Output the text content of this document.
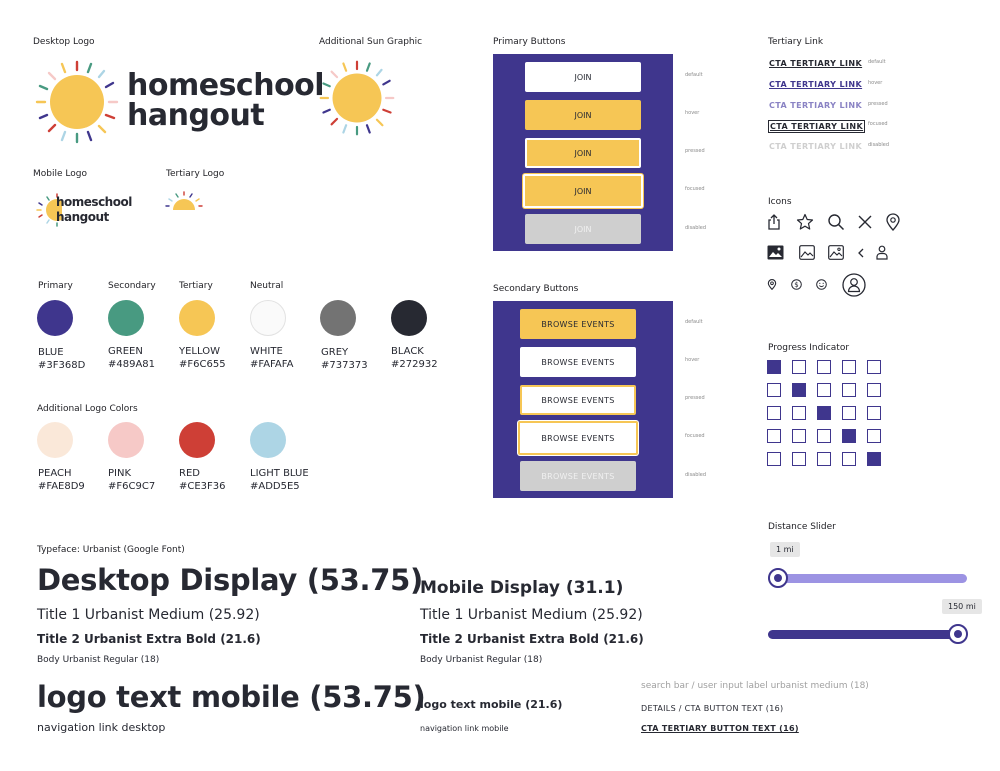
Desktop Logo	Additional Sun Graphic	Primary Buttons	Tertiary Link
Mobile Logo	Tertiary Logo
Secondary Buttons
Icons
Progress Indicator
Distance Slider
Additional Logo Colors
Typeface: Urbanist (Google Font)
homeschool
hangout
homeschool
hangout
Primary	Secondary	Tertiary	Neutral
BLUE
#3F368D
GREEN
#489A81
YELLOW
#F6C655
WHITE
#FAFAFA
GREY
#737373
BLACK
#272932
PEACH
#FAE8D9
PINK
#F6C9C7
RED
#CE3F36
LIGHT BLUE
#ADD5E5
JOIN
JOIN
JOIN
JOIN
JOIN
default
hover
pressed
focused
disabled
BROWSE EVENTS
BROWSE EVENTS
BROWSE EVENTS
BROWSE EVENTS
BROWSE EVENTS
default
hover
pressed
focused
disabled
CTA TERTIARY LINK
CTA TERTIARY LINK
CTA TERTIARY LINK
CTA TERTIARY LINK
CTA TERTIARY LINK
default
hover
pressed
focused
disabled
$
1 mi
150 mi
Desktop Display (53.75)
Title 1 Urbanist Medium (25.92)
Title 2 Urbanist Extra Bold (21.6)
Body Urbanist Regular (18)
logo text mobile (53.75)
navigation link desktop
Mobile Display (31.1)
Title 1 Urbanist Medium (25.92)
Title 2 Urbanist Extra Bold (21.6)
Body Urbanist Regular (18)
logo text mobile (21.6)
navigation link mobile
search bar / user input label urbanist medium (18)
DETAILS / CTA BUTTON TEXT (16)
CTA TERTIARY BUTTON TEXT (16)
